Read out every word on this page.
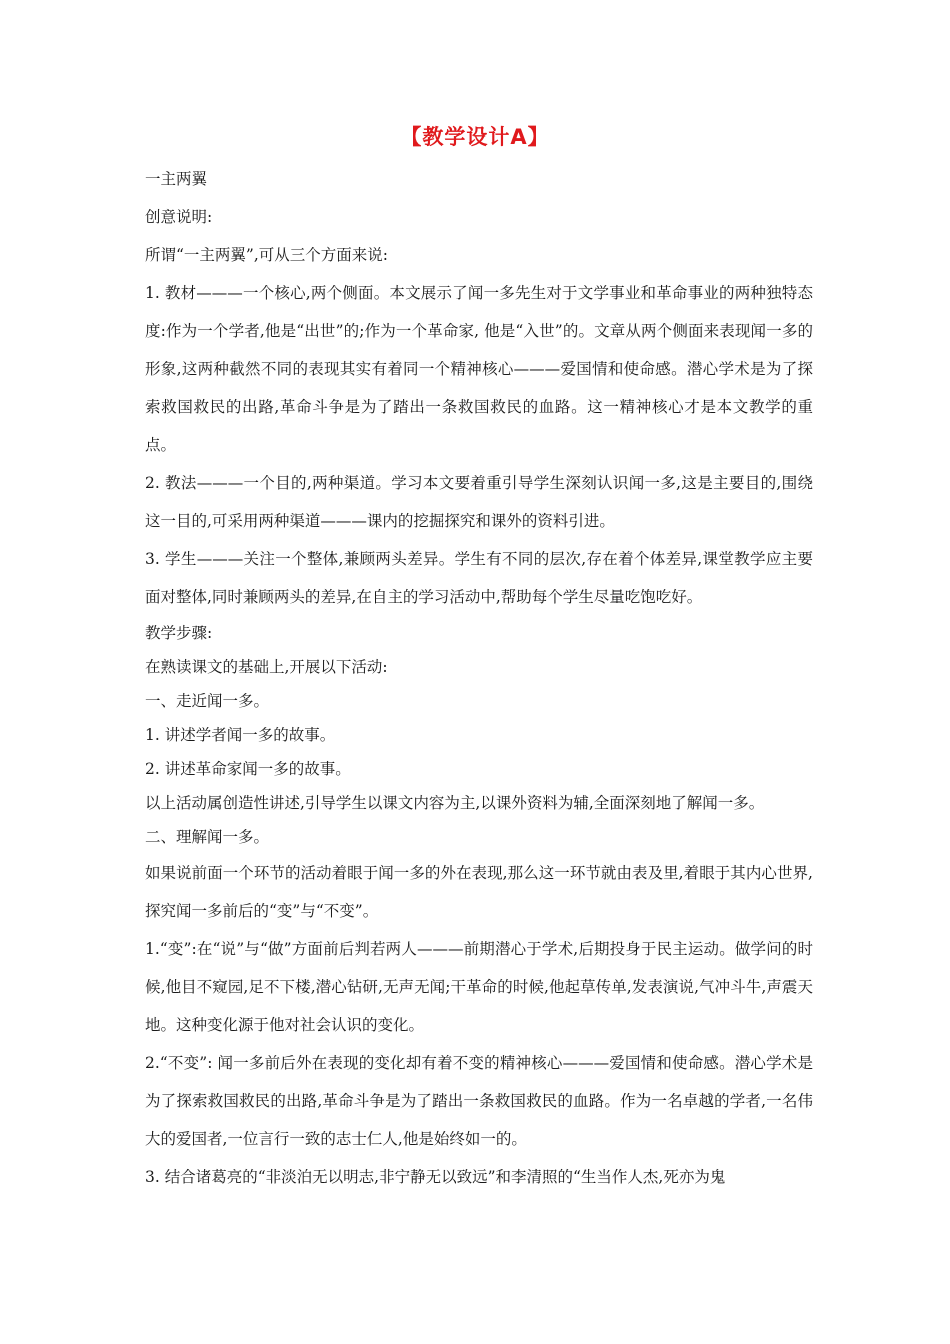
【教学设计A】

一主两翼

创意说明:

所谓“一主两翼”,可从三个方面来说:

1. 教材———一个核心,两个侧面。本文展示了闻一多先生对于文学事业和革命事业的两种独特态度:作为一个学者,他是“出世”的;作为一个革命家, 他是“入世”的。文章从两个侧面来表现闻一多的形象,这两种截然不同的表现其实有着同一个精神核心———爱国情和使命感。潜心学术是为了探索救国救民的出路,革命斗争是为了踏出一条救国救民的血路。这一精神核心才是本文教学的重点。

2. 教法———一个目的,两种渠道。学习本文要着重引导学生深刻认识闻一多,这是主要目的,围绕这一目的,可采用两种渠道———课内的挖掘探究和课外的资料引进。

3. 学生———关注一个整体,兼顾两头差异。学生有不同的层次,存在着个体差异,课堂教学应主要面对整体,同时兼顾两头的差异,在自主的学习活动中,帮助每个学生尽量吃饱吃好。

教学步骤:

在熟读课文的基础上,开展以下活动:

一、走近闻一多。

1. 讲述学者闻一多的故事。

2. 讲述革命家闻一多的故事。

以上活动属创造性讲述,引导学生以课文内容为主,以课外资料为辅,全面深刻地了解闻一多。

二、理解闻一多。

如果说前面一个环节的活动着眼于闻一多的外在表现,那么这一环节就由表及里,着眼于其内心世界,探究闻一多前后的“变”与“不变”。

1.“变”:在“说”与“做”方面前后判若两人———前期潜心于学术,后期投身于民主运动。做学问的时候,他目不窥园,足不下楼,潜心钻研,无声无闻;干革命的时候,他起草传单,发表演说,气冲斗牛,声震天地。这种变化源于他对社会认识的变化。

2.“不变”: 闻一多前后外在表现的变化却有着不变的精神核心———爱国情和使命感。潜心学术是为了探索救国救民的出路,革命斗争是为了踏出一条救国救民的血路。作为一名卓越的学者,一名伟大的爱国者,一位言行一致的志士仁人,他是始终如一的。

3. 结合诸葛亮的“非淡泊无以明志,非宁静无以致远”和李清照的“生当作人杰,死亦为鬼
